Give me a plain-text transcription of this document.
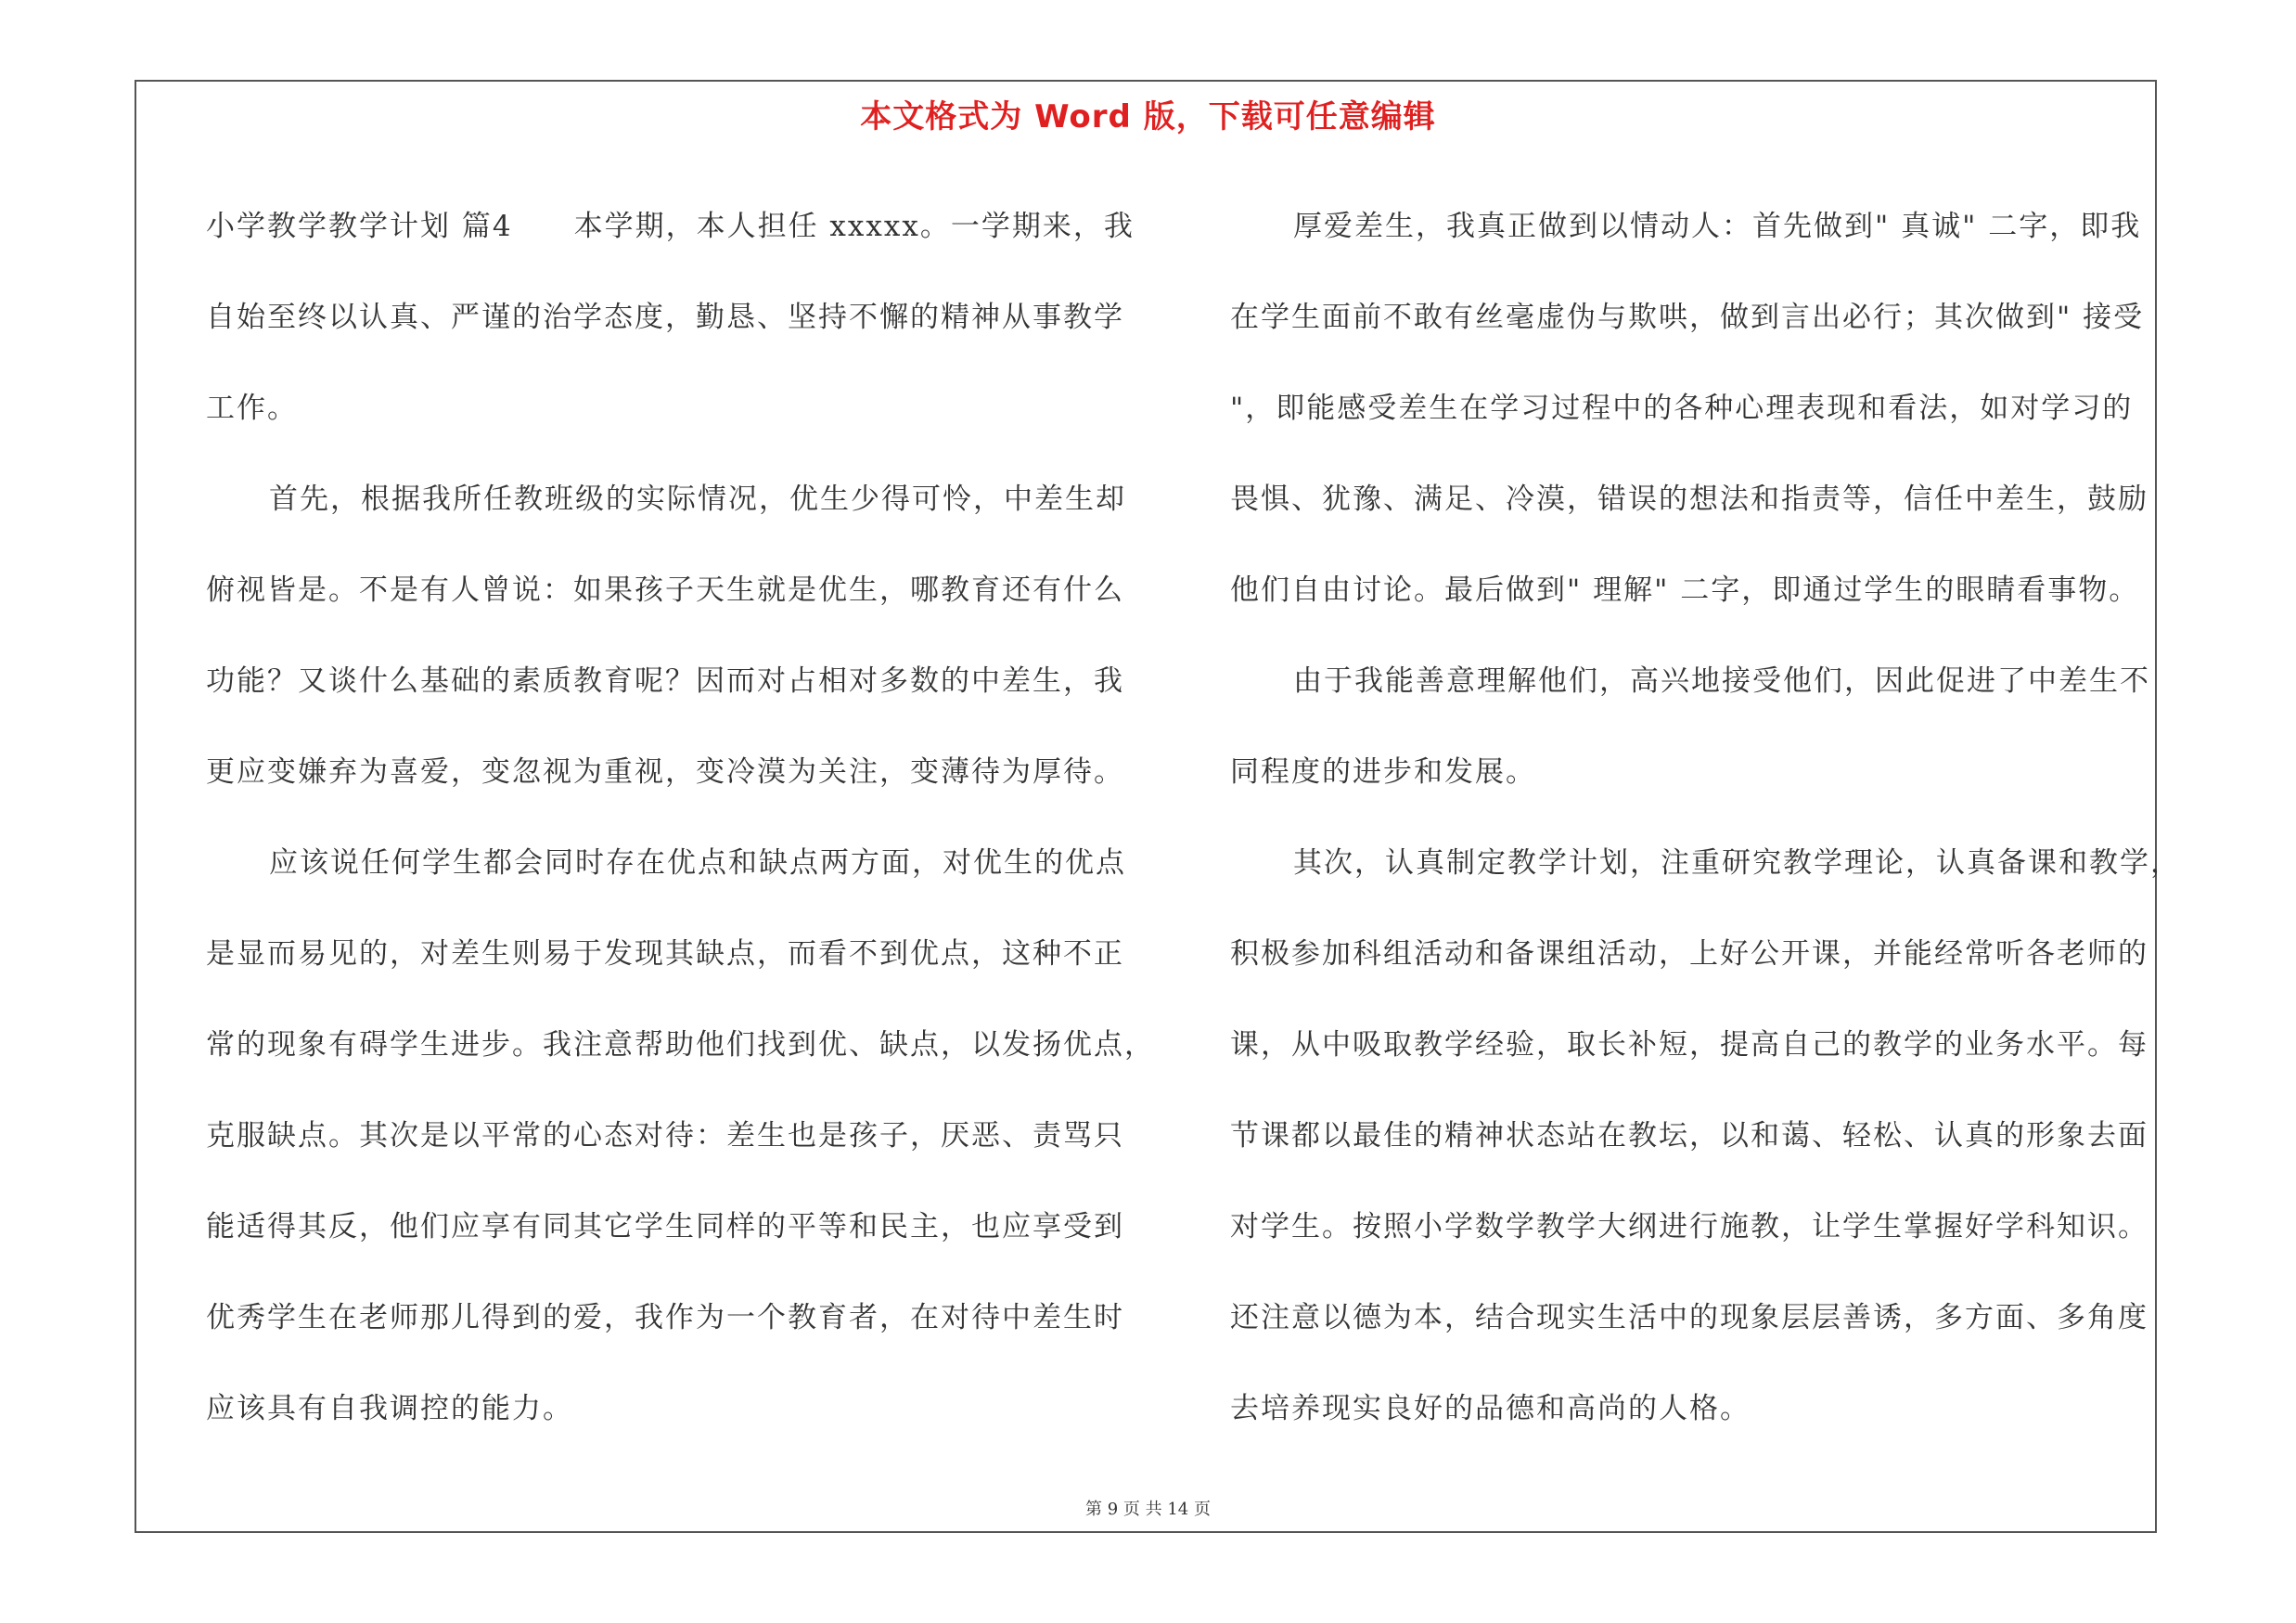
本文格式为 Word 版，下载可任意编辑

小学教学教学计划 篇4　　本学期，本人担任 xxxxx。一学期来，我
自始至终以认真、严谨的治学态度，勤恳、坚持不懈的精神从事教学
工作。

首先，根据我所任教班级的实际情况，优生少得可怜，中差生却
俯视皆是。不是有人曾说：如果孩子天生就是优生，哪教育还有什么
功能？又谈什么基础的素质教育呢？因而对占相对多数的中差生，我
更应变嫌弃为喜爱，变忽视为重视，变冷漠为关注，变薄待为厚待。

应该说任何学生都会同时存在优点和缺点两方面，对优生的优点
是显而易见的，对差生则易于发现其缺点，而看不到优点，这种不正
常的现象有碍学生进步。我注意帮助他们找到优、缺点，以发扬优点，
克服缺点。其次是以平常的心态对待：差生也是孩子，厌恶、责骂只
能适得其反，他们应享有同其它学生同样的平等和民主，也应享受到
优秀学生在老师那儿得到的爱，我作为一个教育者，在对待中差生时
应该具有自我调控的能力。

厚爱差生，我真正做到以情动人：首先做到" 真诚" 二字，即我
在学生面前不敢有丝毫虚伪与欺哄，做到言出必行；其次做到" 接受
"，即能感受差生在学习过程中的各种心理表现和看法，如对学习的
畏惧、犹豫、满足、冷漠，错误的想法和指责等，信任中差生，鼓励
他们自由讨论。最后做到" 理解" 二字，即通过学生的眼睛看事物。

由于我能善意理解他们，高兴地接受他们，因此促进了中差生不
同程度的进步和发展。

其次，认真制定教学计划，注重研究教学理论，认真备课和教学，
积极参加科组活动和备课组活动，上好公开课，并能经常听各老师的
课，从中吸取教学经验，取长补短，提高自己的教学的业务水平。每
节课都以最佳的精神状态站在教坛，以和蔼、轻松、认真的形象去面
对学生。按照小学数学教学大纲进行施教，让学生掌握好学科知识。
还注意以德为本，结合现实生活中的现象层层善诱，多方面、多角度
去培养现实良好的品德和高尚的人格。

第 9 页 共 14 页
